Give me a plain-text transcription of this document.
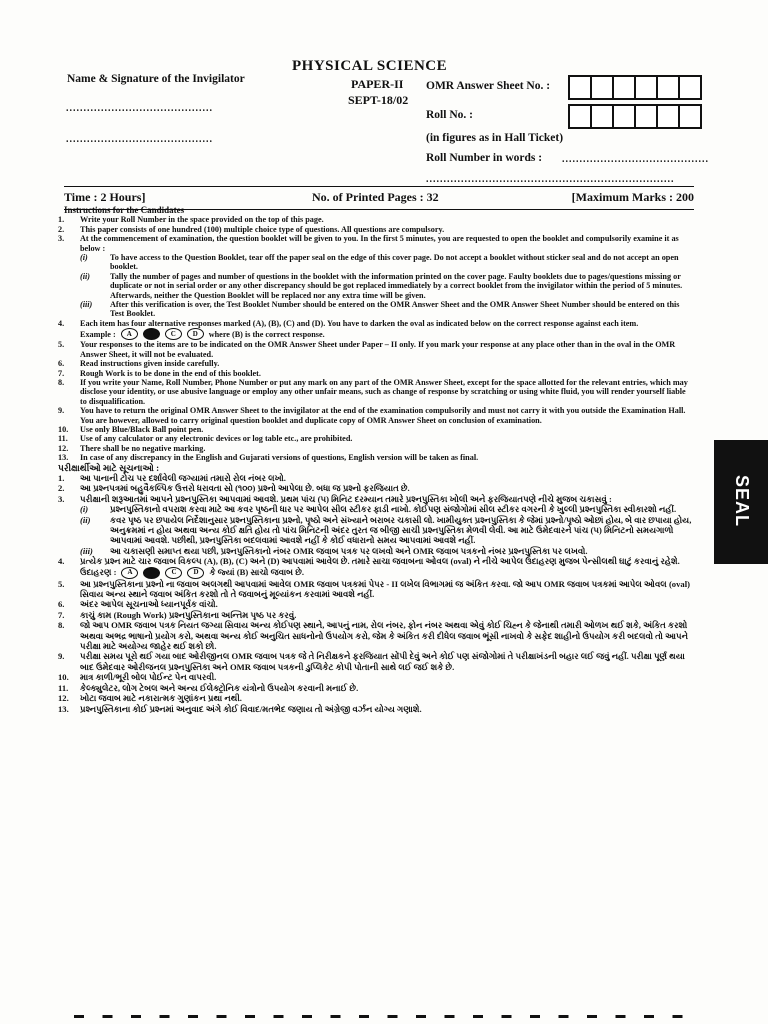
PHYSICAL SCIENCE
PAPER-II
SEPT-18/02
Name & Signature of the Invigilator
..........................................
..........................................
OMR Answer Sheet No. :
Roll No. :
(in figures as in Hall Ticket)
Roll Number in words : ..........................................
.......................................................................
Time : 2 Hours]	No. of Printed Pages : 32	[Maximum Marks : 200
Instructions for the Candidates
1.	Write your Roll Number in the space provided on the top of this page.
2.	This paper consists of one hundred (100) multiple choice type of questions. All questions are compulsory.
3.	At the commencement of examination, the question booklet will be given to you. In the first 5 minutes, you are requested to open the booklet and compulsorily examine it as below :
(i)	To have access to the Question Booklet, tear off the paper seal on the edge of this cover page. Do not accept a booklet without sticker seal and do not accept an open booklet.
(ii)	Tally the number of pages and number of questions in the booklet with the information printed on the cover page. Faulty booklets due to pages/questions missing or duplicate or not in serial order or any other discrepancy should be got replaced immediately by a correct booklet from the invigilator within the period of 5 minutes. Afterwards, neither the Question Booklet will be replaced nor any extra time will be given.
(iii)	After this verification is over, the Test Booklet Number should be entered on the OMR Answer Sheet and the OMR Answer Sheet Number should be entered on this Test Booklet.
4.	Each item has four alternative responses marked (A), (B), (C) and (D). You have to darken the oval as indicated below on the correct response against each item.
Example :	A	B	C	D	where (B) is the correct response.
5.	Your responses to the items are to be indicated on the OMR Answer Sheet under Paper – II only. If you mark your response at any place other than in the oval in the OMR Answer Sheet, it will not be evaluated.
6.	Read instructions given inside carefully.
7.	Rough Work is to be done in the end of this booklet.
8.	If you write your Name, Roll Number, Phone Number or put any mark on any part of the OMR Answer Sheet, except for the space allotted for the relevant entries, which may disclose your identity, or use abusive language or employ any other unfair means, such as change of response by scratching or using white fluid, you will render yourself liable to disqualification.
9.	You have to return the original OMR Answer Sheet to the invigilator at the end of the examination compulsorily and must not carry it with you outside the Examination Hall. You are however, allowed to carry original question booklet and duplicate copy of OMR Answer Sheet on conclusion of examination.
10.	Use only Blue/Black Ball point pen.
11.	Use of any calculator or any electronic devices or log table etc., are prohibited.
12.	There shall be no negative marking.
13.	In case of any discrepancy in the English and Gujarati versions of questions, English version will be taken as final.
પરીક્ષાર્થીઓ માટે સૂચનાઓ :
1.	આ પાનાની ટોચ પર દર્શાવેલી જગ્યામાં તમારો રોલ નંબર લખો.
2.	આ પ્રશ્નપત્રમાં બહુવૈકલ્પિક ઉત્તરો ધરાવતા સો (૧૦૦) પ્રશ્નો આપેલા છે. બધા જ પ્રશ્નો ફરજિયાત છે.
3.	પરીક્ષાની શરૂઆતમાં આપને પ્રશ્નપુસ્તિકા આપવામાં આવશે. પ્રથમ પાંચ (૫) મિનિટ દરમ્યાન તમારે પ્રશ્નપુસ્તિકા ખોલી અને ફરજિયાતપણે નીચે મુજબ ચકાસવું :
(i)	પ્રશ્નપુસ્તિકાનો વપરાશ કરવા માટે આ કવર પૃષ્ઠની ધાર પર આપેલ સીલ સ્ટીકર ફાડી નાખો. કોઈપણ સંજોગોમાં સીલ સ્ટીકર વગરની કે ખુલ્લી પ્રશ્નપુસ્તિકા સ્વીકારશો નહીં.
(ii)	કવર પૃષ્ઠ પર છપાયેલ નિર્દેશાનુસાર પ્રશ્નપુસ્તિકાના પ્રશ્નો, પૃષ્ઠો અને સંખ્યાને બરાબર ચકાસી લો. ખામીયુક્ત પ્રશ્નપુસ્તિકા કે જેમાં પ્રશ્નો/પૃષ્ઠો ઓછાં હોય, બે વાર છપાયા હોય, અનુક્રમમાં ન હોય અથવા અન્ય કોઈ ક્ષતિ હોય તો પાંચ મિનિટની અંદર તુરત જ બીજી સાચી પ્રશ્નપુસ્તિકા મેળવી લેવી. આ માટે ઉમેદવારને પાંચ (૫) મિનિટનો સમયગાળો આપવામાં આવશે. પછીથી, પ્રશ્નપુસ્તિકા બદલવામાં આવશે નહીં કે કોઈ વધારાનો સમય આપવામાં આવશે નહીં.
(iii)	આ ચકાસણી સમાપ્ત થયા પછી, પ્રશ્નપુસ્તિકાનો નંબર OMR જવાબ પત્રક પર લખવો અને OMR જવાબ પત્રકનો નંબર પ્રશ્નપુસ્તિકા પર લખવો.
4.	પ્રત્યેક પ્રશ્ન માટે ચાર જવાબ વિકલ્પ (A), (B), (C) અને (D) આપવામાં આવેલ છે. તમારે સાચા જવાબના ઓવલ (oval) ને નીચે આપેલ ઉદાહરણ મુજબ પેન્સીલથી ઘાટું કરવાનું રહેશે.
ઉદાહરણ :	A	B	C	D	કે જ્યાં (B) સાચો જવાબ છે.
5.	આ પ્રશ્નપુસ્તિકાના પ્રશ્નો ના જવાબ અલગથી આપવામાં આવેલ OMR જવાબ પત્રકમાં પેપર - II લખેલ વિભાગમાં જ અંકિત કરવા. જો આપ OMR જવાબ પત્રકમાં આપેલ ઓવલ (oval) સિવાય અન્ય સ્થાને જવાબ અંકિત કરશો તો તે જવાબનું મૂલ્યાંકન કરવામાં આવશે નહીં.
6.	અંદર આપેલ સૂચનાઓ ધ્યાનપૂર્વક વાંચો.
7.	કાચું કામ (Rough Work) પ્રશ્નપુસ્તિકાના અન્તિમ પૃષ્ઠ પર કરવું.
8.	જો આપ OMR જવાબ પત્રક નિયત જગ્યા સિવાય અન્ય કોઈપણ સ્થાને, આપનું નામ, રોલ નંબર, ફોન નંબર અથવા એવું કોઈ ચિહ્ન કે જેનાથી તમારી ઓળખ થઈ શકે, અંકિત કરશો અથવા અભદ્ર ભાષાનો પ્રયોગ કરો, અથવા અન્ય કોઈ અનુચિત સાધનોનો ઉપયોગ કરો, જેમ કે અંકિત કરી દીધેલ જવાબ ભૂંસી નાખવો કે સફેદ શાહીનો ઉપયોગ કરી બદલવો તો આપને પરીક્ષા માટે અયોગ્ય જાહેર થઈ શકો છો.
9.	પરીક્ષા સમય પૂરો થઈ ગયા બાદ ઓરીજીનલ OMR જવાબ પત્રક જે તે નિરીક્ષકને ફરજિયાત સોંપી દેવું અને કોઈ પણ સંજોગોમાં તે પરીક્ષાખંડની બહાર લઈ જવું નહીં. પરીક્ષા પૂર્ણ થયા બાદ ઉમેદવાર ઓરીજનલ પ્રશ્નપુસ્તિકા અને OMR જવાબ પત્રકની ડુપ્લિકેટ કોપી પોતાની સાથે લઈ જઈ શકે છે.
10.	માત્ર કાળી/ભૂરી બોલ પોઈન્ટ પેન વાપરવી.
11.	કેલ્ક્યુલેટર, લોગ ટેબલ અને અન્ય ઈલેક્ટ્રોનિક યંત્રોનો ઉપયોગ કરવાની મનાઈ છે.
12.	ખોટા જવાબ માટે નકારાત્મક ગુણાંકન પ્રથા નથી.
13.	પ્રશ્નપુસ્તિકાના કોઈ પ્રશ્નમાં અનુવાદ અંગે કોઈ વિવાદ/મતભેદ જણાય તો અંગ્રેજી વર્ઝન યોગ્ય ગણાશે.
SEAL
▬ ▬ ▬ ▬ ▬ ▬ ▬ ▬ ▬ ▬ ▬ ▬ ▬ ▬ ▬ ▬ ▬ ▬ ▬ ▬ ▬ ▬
